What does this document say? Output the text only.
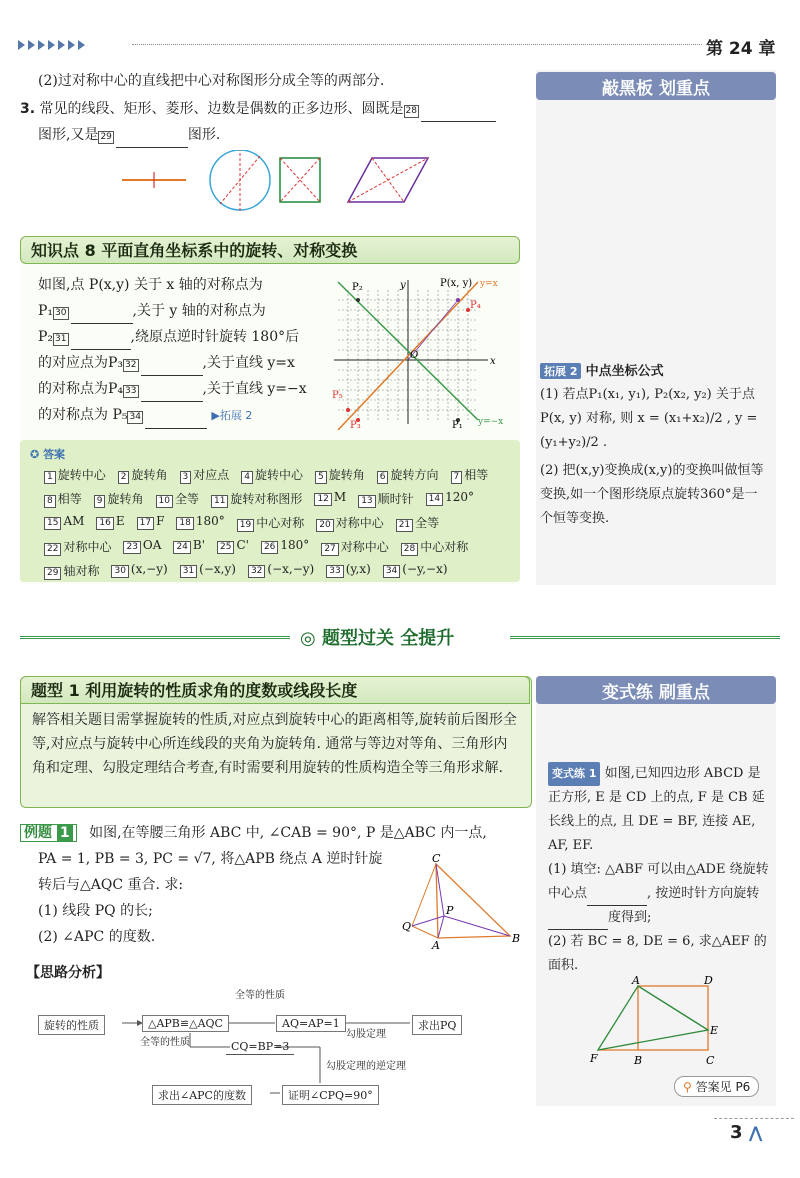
第 24 章
敲黑板 划重点
(2)过对称中心的直线把中心对称图形分成全等的两部分.
3. 常见的线段、矩形、菱形、边数是偶数的正多边形、圆既是 28
图形,又是 29	图形.
知识点 8 平面直角坐标系中的旋转、对称变换
如图,点 P(x,y) 关于 x 轴的对称点为
P₁ 30	,关于 y 轴的对称点为
P₂ 31	,绕原点逆时针旋转 180°后
的对应点为P₃ 32	,关于直线 y=x
的对称点为P₄ 33	,关于直线 y=−x
的对称点为 P₅ 34	▶拓展 2
P₂	y	P(x, y) y=x
P₄
O
x
P₅
P₃	P₁ y=−x
✪ 答案
1 旋转中心	2 旋转角	3 对应点	4 旋转中心	5 旋转角	6 旋转方向	7 相等
8 相等	9 旋转角	10 全等	11 旋转对称图形	12 M	13 顺时针	14 120°
15 AM	16 E	17 F	18 180°	19 中心对称	20 对称中心	21 全等
22 对称中心	23 OA	24 B'	25 C'	26 180°	27 对称中心	28 中心对称
29 轴对称	30 (x,−y)	31 (−x,y)	32 (−x,−y)	33 (y,x)	34 (−y,−x)
拓展 2 中点坐标公式
(1) 若点P₁(x₁, y₁), P₂(x₂, y₂) 关于点
P(x, y) 对称, 则 x = (x₁+x₂)/2 , y = (y₁+y₂)/2 .
(2) 把(x,y)变换成(x,y)的变换叫做恒等变换,如一个图形绕原点旋转360°是一个恒等变换.
◎ 题型过关 全提升
题型 1 利用旋转的性质求角的度数或线段长度
解答相关题目需掌握旋转的性质,对应点到旋转中心的距离相等,旋转前后图形全等,对应点与旋转中心所连线段的夹角为旋转角. 通常与等边对等角、三角形内角和定理、勾股定理结合考查,有时需要利用旋转的性质构造全等三角形求解.
例题 1 如图,在等腰三角形 ABC 中, ∠CAB = 90°, P 是△ABC 内一点,
PA = 1, PB = 3, PC = √7, 将△APB 绕点 A 逆时针旋
转后与△AQC 重合. 求:
(1) 线段 PQ 的长;
(2) ∠APC 的度数.
C
P
Q
A
B
【思路分析】
旋转的性质	△APB≌△AQC	AQ=AP=1	求出PQ
CQ=BP=3
求出∠APC的度数	证明∠CPQ=90°
全等的性质
勾股定理
全等的性质
勾股定理的逆定理
变式练 刷重点
变式练 1 如图,已知四边形 ABCD 是正方形, E 是 CD 上的点, F 是 CB 延长线上的点, 且 DE = BF, 连接 AE, AF, EF.
(1) 填空: △ABF 可以由△ADE 绕旋转中心点	, 按逆时针方向旋转
度得到;
(2) 若 BC = 8, DE = 6, 求△AEF 的面积.
A	D
E
F	B	C
⚲ 答案见 P6
3 ⋀
